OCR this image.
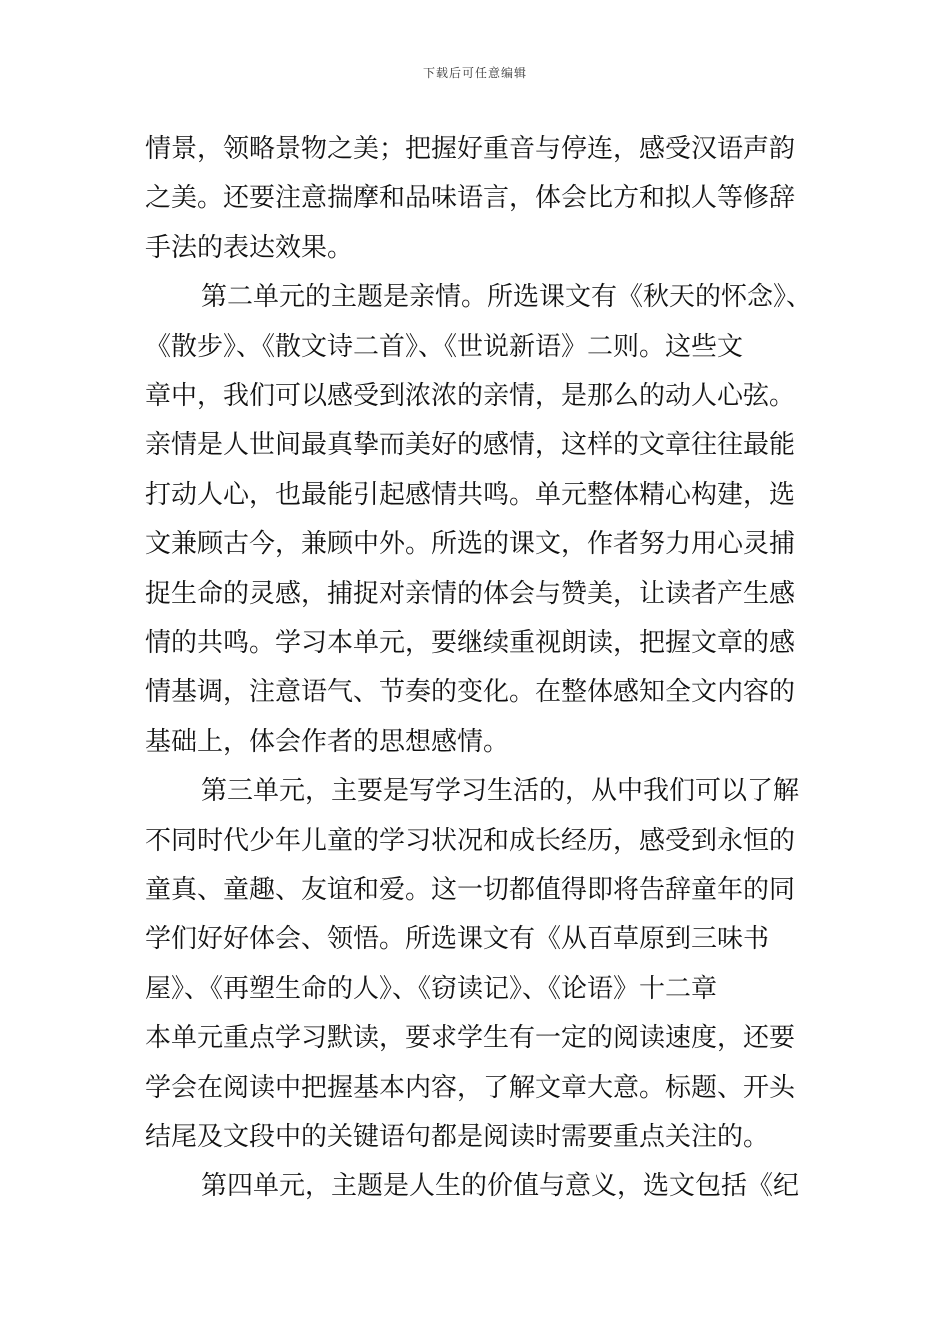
下载后可任意编辑
情景，领略景物之美；把握好重音与停连，感受汉语声韵
之美。还要注意揣摩和品味语言，体会比方和拟人等修辞
手法的表达效果。
第二单元的主题是亲情。所选课文有《秋天的怀念》、
《散步》、《散文诗二首》、《世说新语》二则。这些文
章中，我们可以感受到浓浓的亲情，是那么的动人心弦。
亲情是人世间最真挚而美好的感情，这样的文章往往最能
打动人心，也最能引起感情共鸣。单元整体精心构建，选
文兼顾古今，兼顾中外。所选的课文，作者努力用心灵捕
捉生命的灵感，捕捉对亲情的体会与赞美，让读者产生感
情的共鸣。学习本单元，要继续重视朗读，把握文章的感
情基调，注意语气、节奏的变化。在整体感知全文内容的
基础上，体会作者的思想感情。
第三单元，主要是写学习生活的，从中我们可以了解
不同时代少年儿童的学习状况和成长经历，感受到永恒的
童真、童趣、友谊和爱。这一切都值得即将告辞童年的同
学们好好体会、领悟。所选课文有《从百草原到三味书
屋》、《再塑生命的人》、《窃读记》、《论语》十二章
本单元重点学习默读，要求学生有一定的阅读速度，还要
学会在阅读中把握基本内容，了解文章大意。标题、开头
结尾及文段中的关键语句都是阅读时需要重点关注的。
第四单元，主题是人生的价值与意义，选文包括《纪
